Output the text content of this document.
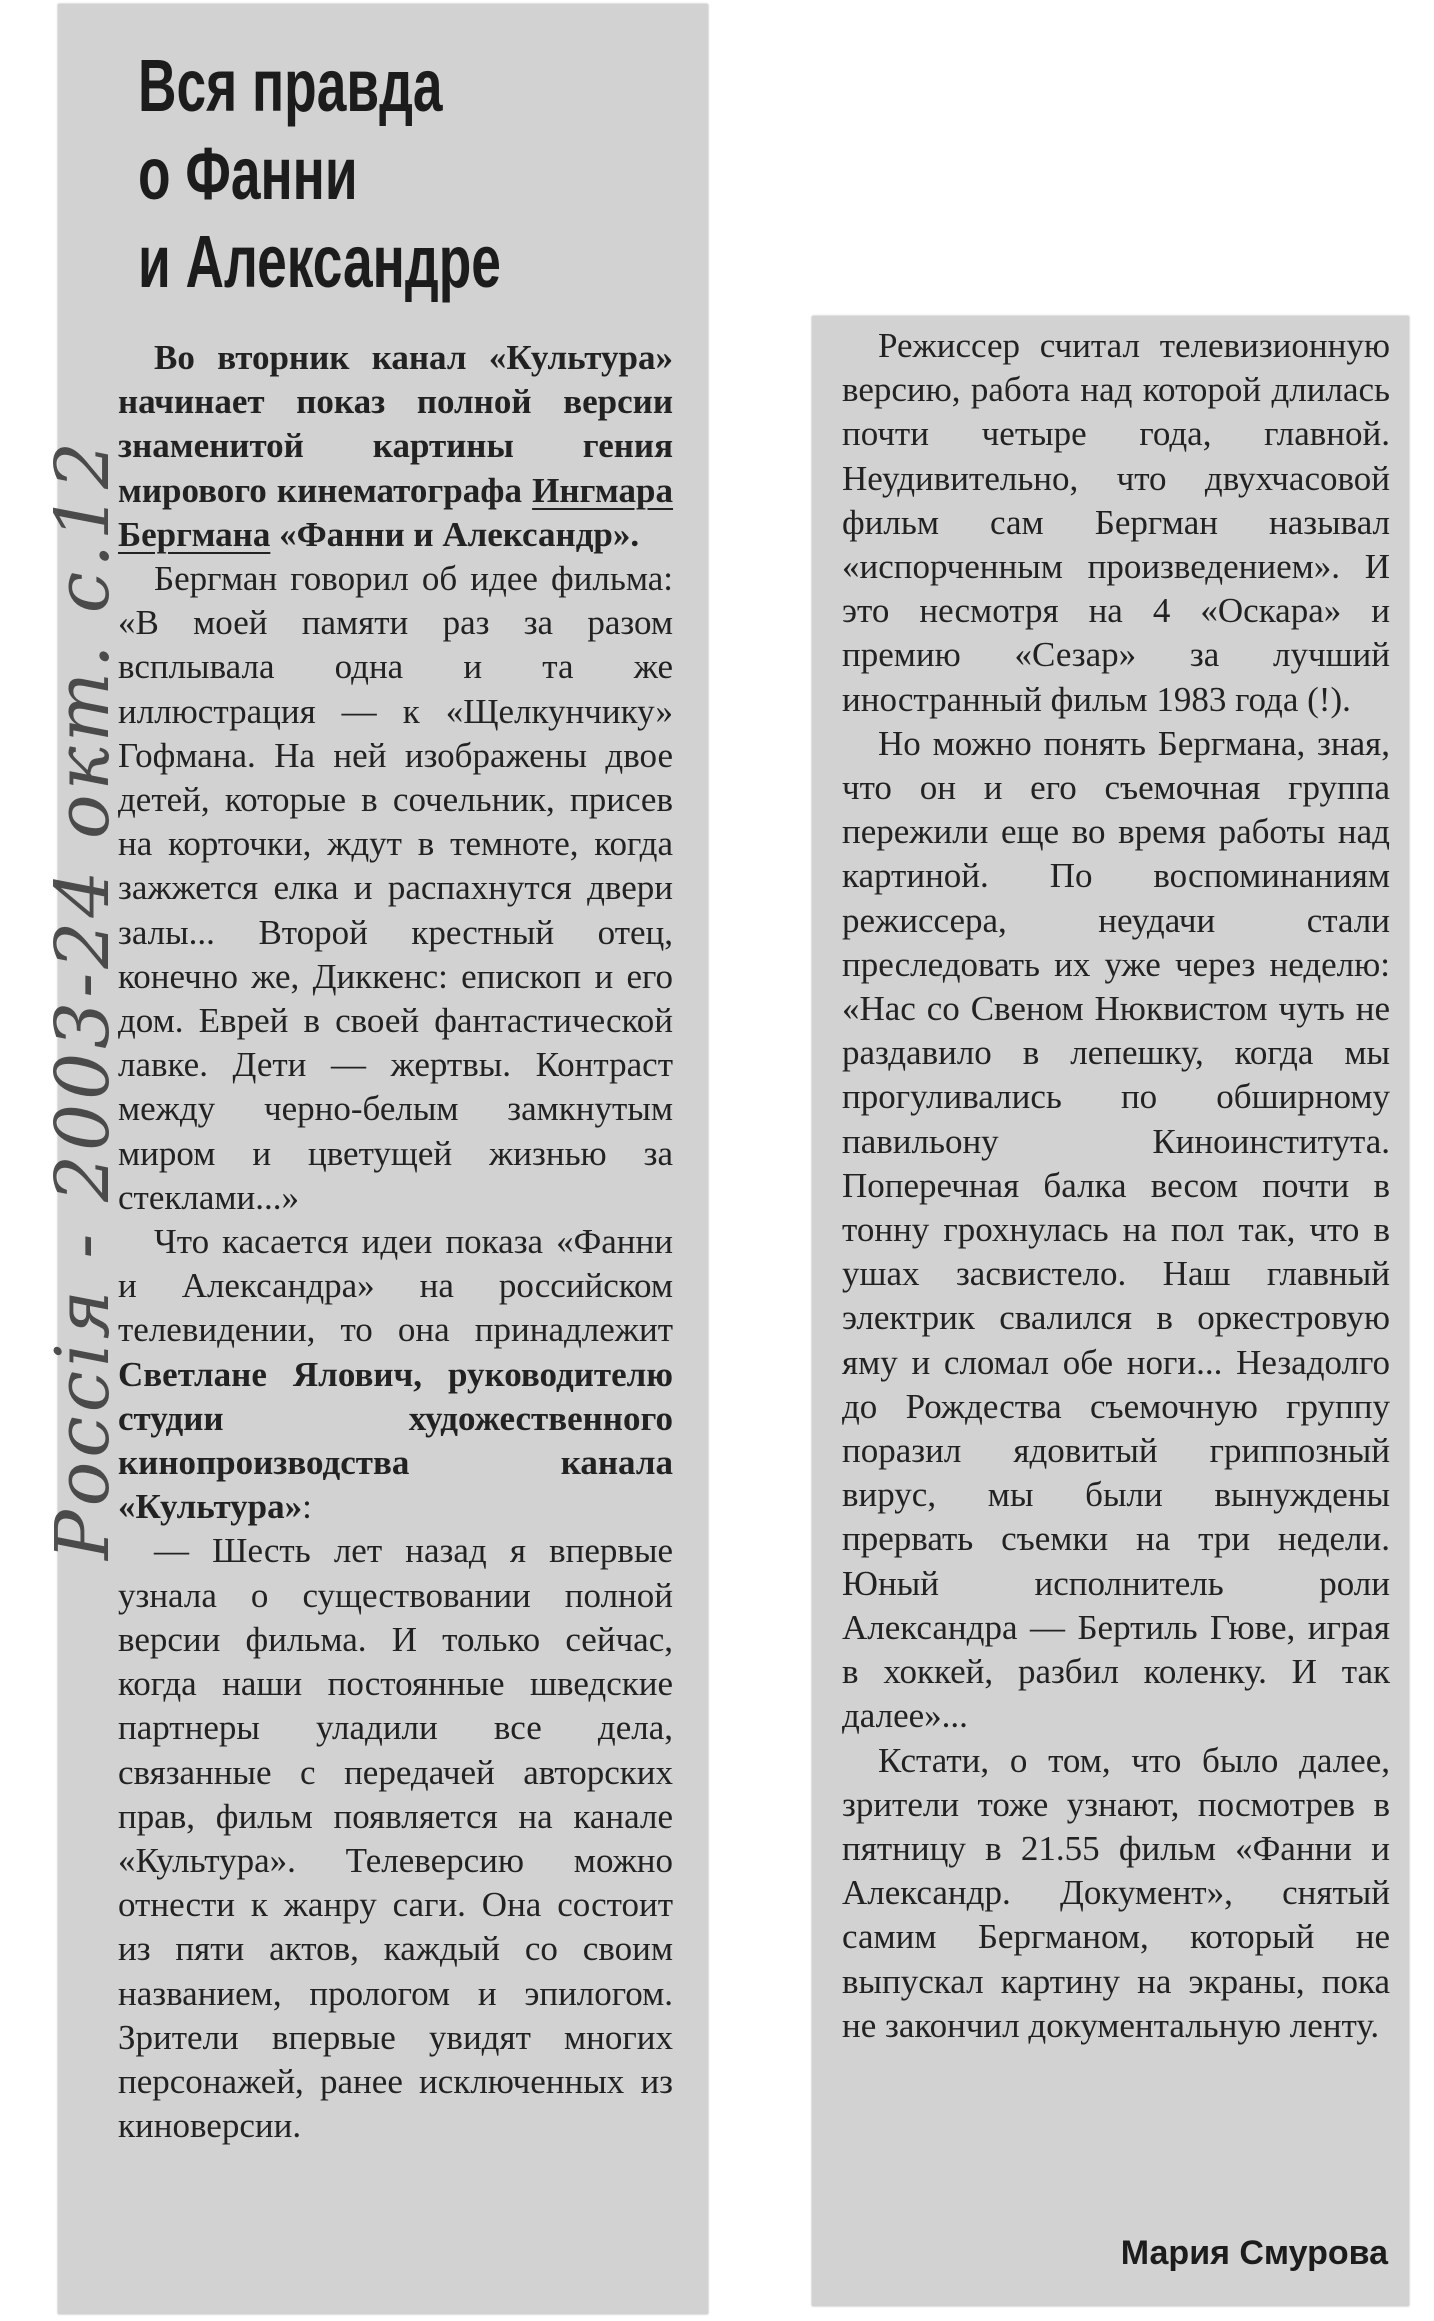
Россія - 2003-24 окт. с.12
Вся правда
о Фанни
и Александре

Во вторник канал «Культура» начинает показ полной версии знаменитой картины гения мирового кинематографа Ингмара Бергмана «Фанни и Александр».

Бергман говорил об идее фильма: «В моей памяти раз за разом всплывала одна и та же иллюстрация — к «Щелкунчику» Гофмана. На ней изображены двое детей, которые в сочельник, присев на корточки, ждут в темноте, когда зажжется елка и распахнутся двери залы... Второй крестный отец, конечно же, Диккенс: епископ и его дом. Еврей в своей фантастической лавке. Дети — жертвы. Контраст между черно-белым замкнутым миром и цветущей жизнью за стеклами...»

Что касается идеи показа «Фанни и Александра» на российском телевидении, то она принадлежит Светлане Ялович, руководителю студии художественного кинопроизводства канала «Культура»:

— Шесть лет назад я впервые узнала о существовании полной версии фильма. И только сейчас, когда наши постоянные шведские партнеры уладили все дела, связанные с передачей авторских прав, фильм появляется на канале «Культура». Телеверсию можно отнести к жанру саги. Она состоит из пяти актов, каждый со своим названием, прологом и эпилогом. Зрители впервые увидят многих персонажей, ранее исключенных из киноверсии.

Режиссер считал телевизионную версию, работа над которой длилась почти четыре года, главной. Неудивительно, что двухчасовой фильм сам Бергман называл «испорченным произведением». И это несмотря на 4 «Оскара» и премию «Сезар» за лучший иностранный фильм 1983 года (!).

Но можно понять Бергмана, зная, что он и его съемочная группа пережили еще во время работы над картиной. По воспоминаниям режиссера, неудачи стали преследовать их уже через неделю: «Нас со Свеном Нюквистом чуть не раздавило в лепешку, когда мы прогуливались по обширному павильону Киноинститута. Поперечная балка весом почти в тонну грохнулась на пол так, что в ушах засвистело. Наш главный электрик свалился в оркестровую яму и сломал обе ноги... Незадолго до Рождества съемочную группу поразил ядовитый гриппозный вирус, мы были вынуждены прервать съемки на три недели. Юный исполнитель роли Александра — Бертиль Гюве, играя в хоккей, разбил коленку. И так далее»...

Кстати, о том, что было далее, зрители тоже узнают, посмотрев в пятницу в 21.55 фильм «Фанни и Александр. Документ», снятый самим Бергманом, который не выпускал картину на экраны, пока не закончил документальную ленту.

Мария Смурова
